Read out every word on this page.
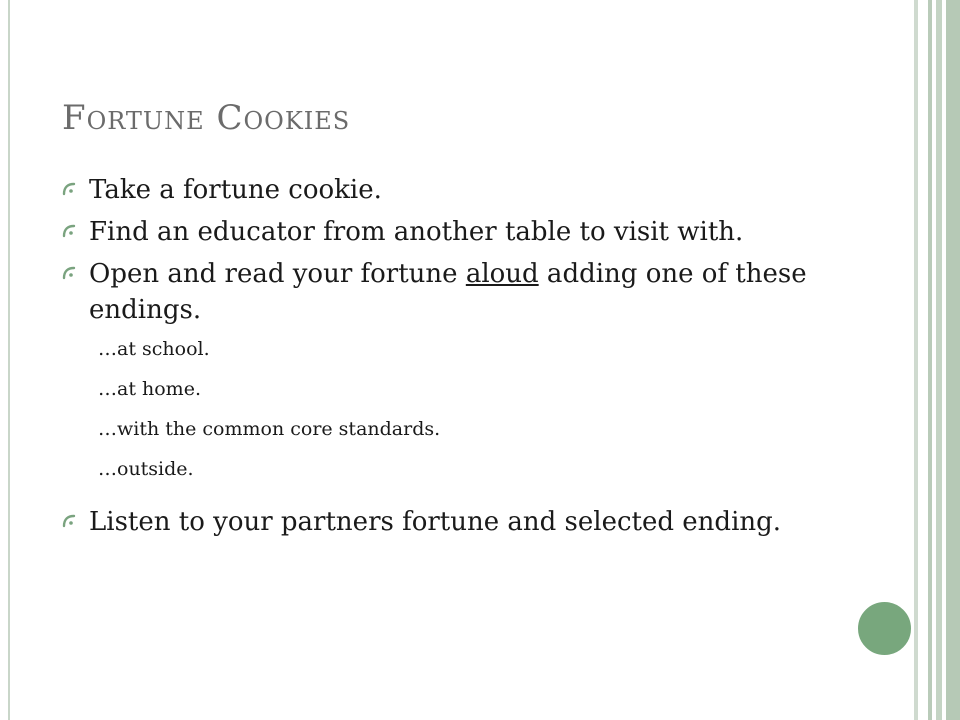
Fortune Cookies
Take a fortune cookie.
Find an educator from another table to visit with.
Open and read your fortune aloud adding one of these endings.
…at school.
…at home.
…with the common core standards.
…outside.
Listen to your partners fortune and selected ending.
